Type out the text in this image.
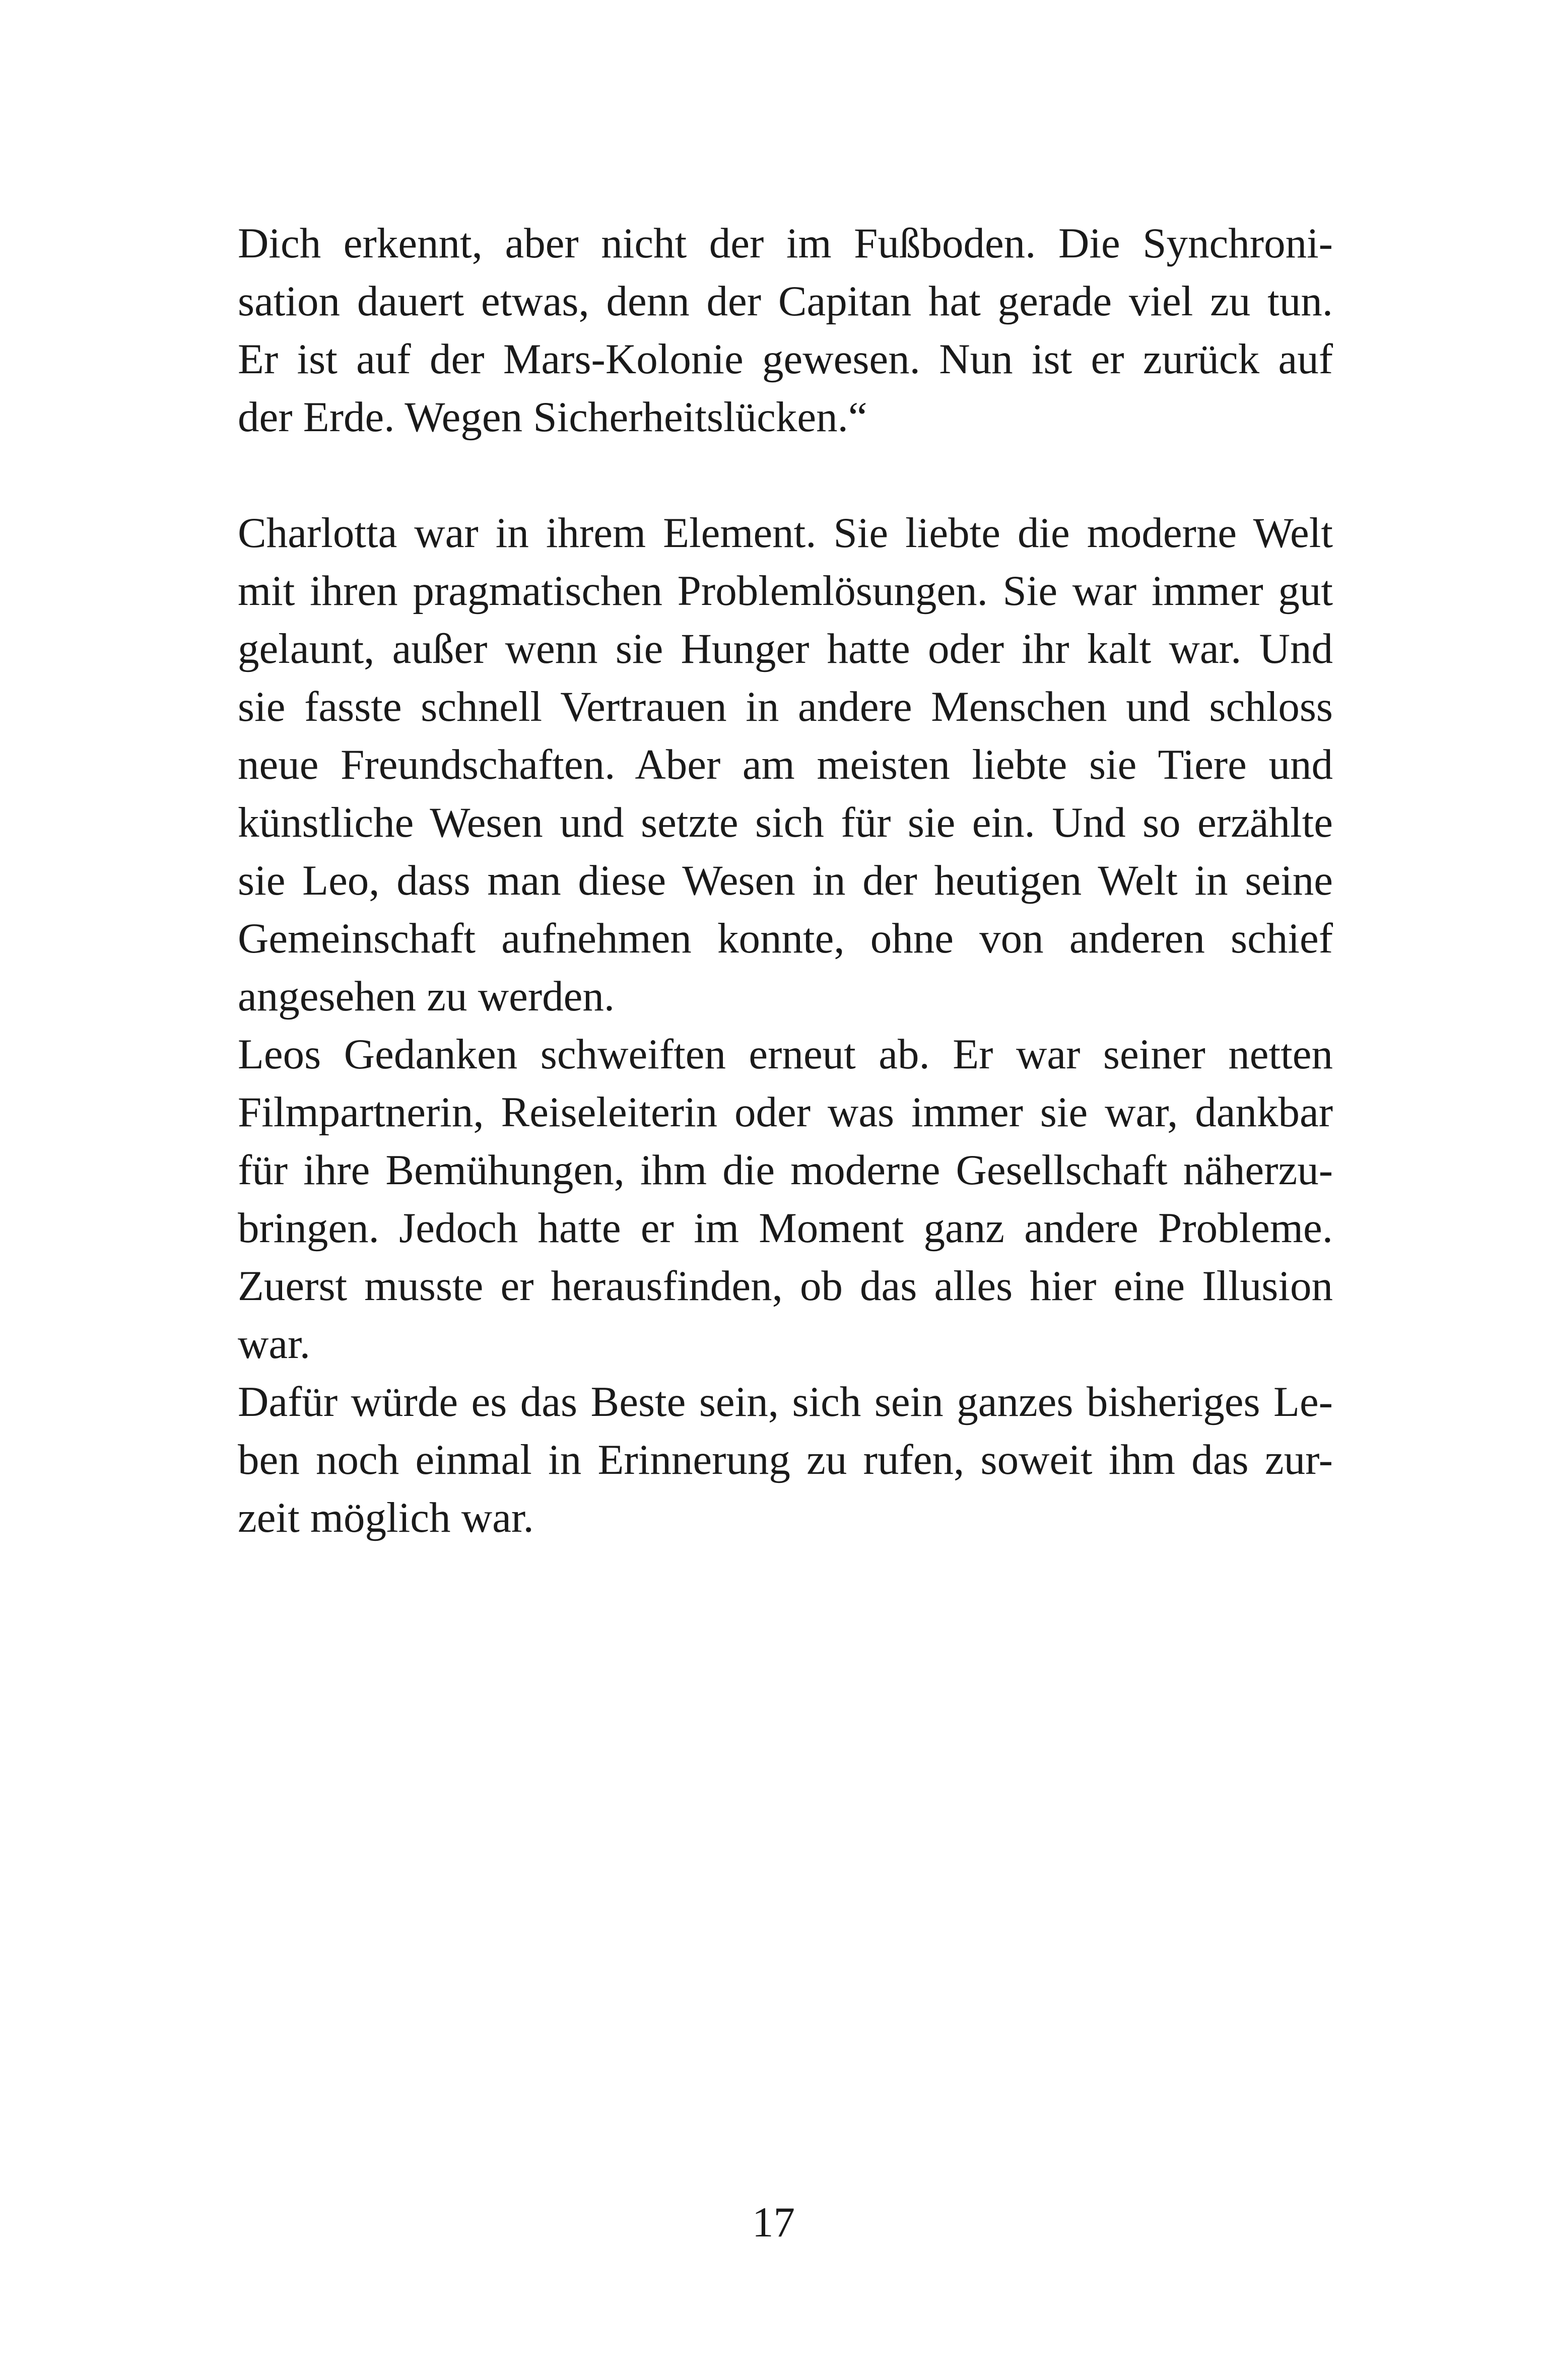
Dich erkennt, aber nicht der im Fußboden. Die Synchroni-
sation dauert etwas, denn der Capitan hat gerade viel zu tun.
Er ist auf der Mars-Kolonie gewesen. Nun ist er zurück auf
der Erde. Wegen Sicherheitslücken.“
Charlotta war in ihrem Element. Sie liebte die moderne Welt
mit ihren pragmatischen Problemlösungen. Sie war immer gut
gelaunt, außer wenn sie Hunger hatte oder ihr kalt war. Und
sie fasste schnell Vertrauen in andere Menschen und schloss
neue Freundschaften. Aber am meisten liebte sie Tiere und
künstliche Wesen und setzte sich für sie ein. Und so erzählte
sie Leo, dass man diese Wesen in der heutigen Welt in seine
Gemeinschaft aufnehmen konnte, ohne von anderen schief
angesehen zu werden.
Leos Gedanken schweiften erneut ab. Er war seiner netten
Filmpartnerin, Reiseleiterin oder was immer sie war, dankbar
für ihre Bemühungen, ihm die moderne Gesellschaft näherzu-
bringen. Jedoch hatte er im Moment ganz andere Probleme.
Zuerst musste er herausfinden, ob das alles hier eine Illusion
war.
Dafür würde es das Beste sein, sich sein ganzes bisheriges Le-
ben noch einmal in Erinnerung zu rufen, soweit ihm das zur-
zeit möglich war.
17
